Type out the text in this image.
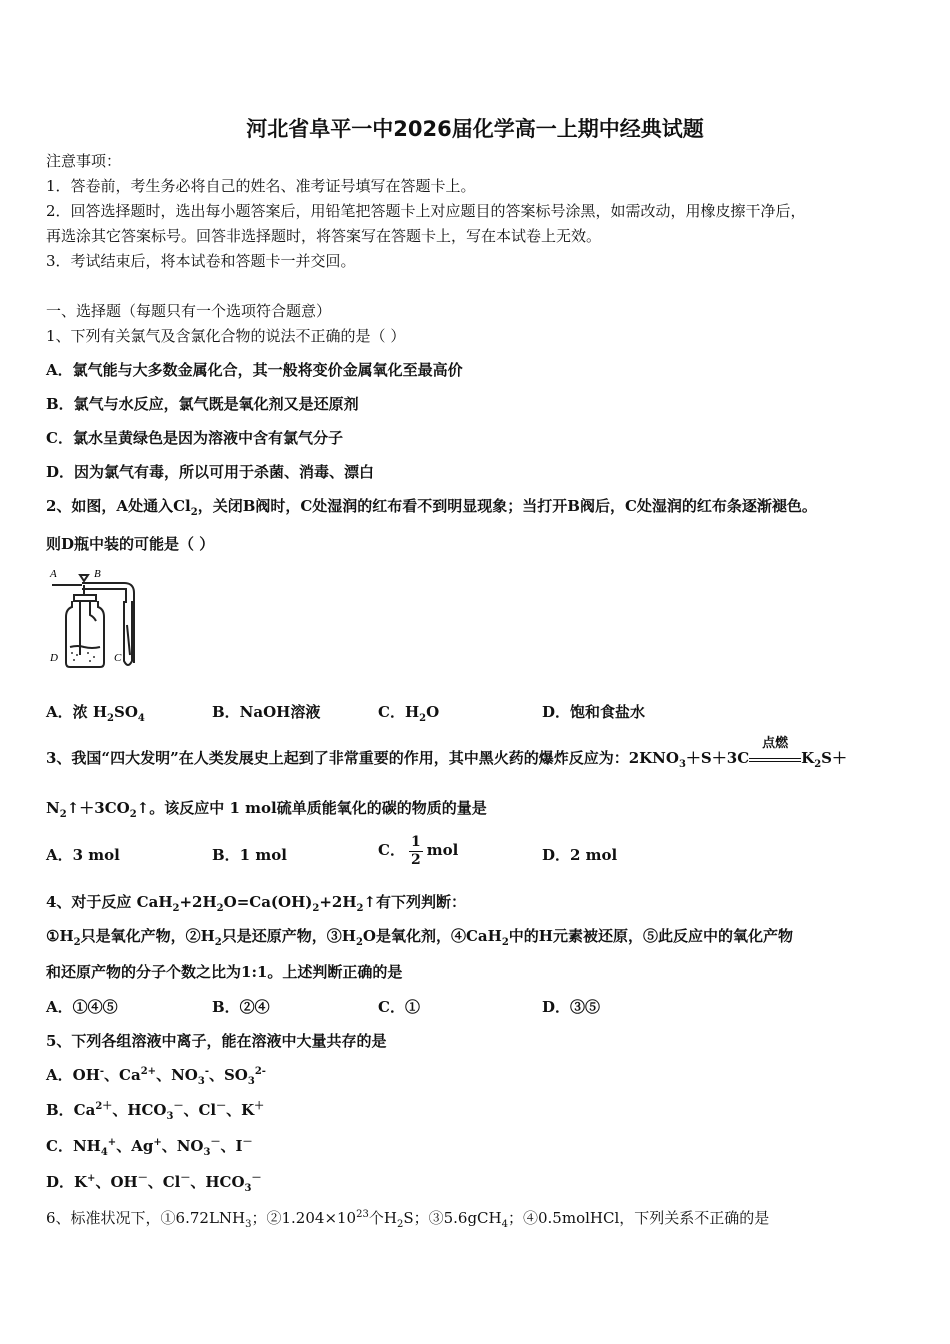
河北省阜平一中2026届化学高一上期中经典试题
注意事项：
1．答卷前，考生务必将自己的姓名、准考证号填写在答题卡上。
2．回答选择题时，选出每小题答案后，用铅笔把答题卡上对应题目的答案标号涂黑，如需改动，用橡皮擦干净后，
再选涂其它答案标号。回答非选择题时，将答案写在答题卡上，写在本试卷上无效。
3．考试结束后，将本试卷和答题卡一并交回。
一、选择题（每题只有一个选项符合题意）
1、下列有关氯气及含氯化合物的说法不正确的是（ ）
A．氯气能与大多数金属化合，其一般将变价金属氧化至最高价
B．氯气与水反应，氯气既是氧化剂又是还原剂
C．氯水呈黄绿色是因为溶液中含有氯气分子
D．因为氯气有毒，所以可用于杀菌、消毒、漂白
2、如图，A处通入$Cl_2$，关闭B阀时，C处湿润的红布看不到明显现象；当打开B阀后，C处湿润的红布条逐渐褪色。
则D瓶中装的可能是（ ）
A	B
D	C
A．浓 $H_2SO_4$	B．NaOH溶液	C．$H_2O$	D．饱和食盐水
3、我国“四大发明”在人类发展史上起到了非常重要的作用，其中黑火药的爆炸反应为：$2KNO_3+S+3C$
点燃
$K_2S+$
$N_2↑+3CO_2↑$。该反应中 1 mol硫单质能氧化的碳的物质的量是
A．3 mol	B．1 mol	C． $\frac{1}{2}$ mol	D．2 mol
4、对于反应 $CaH_2+2H_2O=Ca(OH)_2+2H_2↑$有下列判断：
$①H_2$只是氧化产物，$②H_2$只是还原产物，$③H_2O$是氧化剂，④CaH$_2$中的H元素被还原，⑤此反应中的氧化产物
和还原产物的分子个数之比为1:1。上述判断正确的是
A．①④⑤	B．②④	C．①	D．③⑤
5、下列各组溶液中离子，能在溶液中大量共存的是
A．OH-、$Ca^{2+}$、$NO_3^-$、$SO_3^{2-}$
B．$Ca^{2+}$、$HCO_3^-$、Cl－、K＋
C．$NH_4^+$、Ag+、$NO_3^-$、I－
D．K+、OH－、Cl－、$HCO_3^-$
6、标准状况下，$①6.72LNH_3$；$②1.204\times 10^{23}$个$H_2S$；③5.6gCH$_4$；④0.5molHCl，下列关系不正确的是
